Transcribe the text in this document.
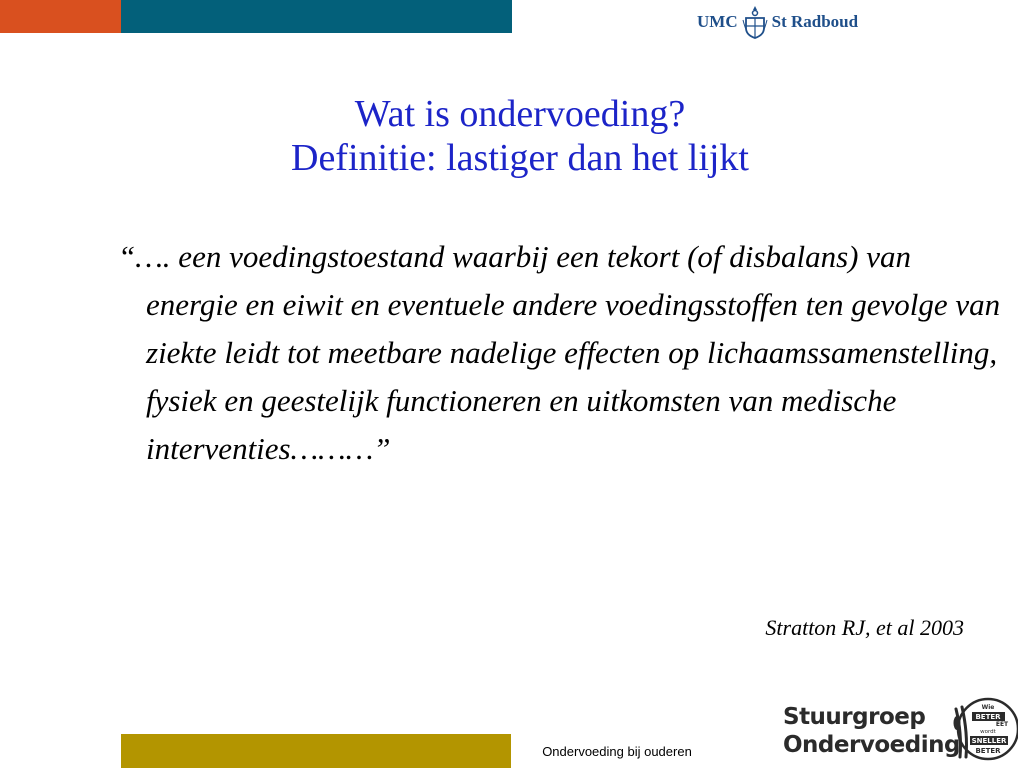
UMC St Radboud
Wat is ondervoeding?
Definitie: lastiger dan het lijkt
“…. een voedingstoestand waarbij een tekort (of disbalans) van energie en eiwit en eventuele andere voedingsstoffen ten gevolge van ziekte leidt tot meetbare nadelige effecten op lichaamssamenstelling, fysiek en geestelijk functioneren en uitkomsten van medische interventies………”
Stratton RJ, et al 2003
Ondervoeding bij ouderen
Stuurgroep
Ondervoeding
Wie
BETER
EET
wordt
SNELLER
BETER
